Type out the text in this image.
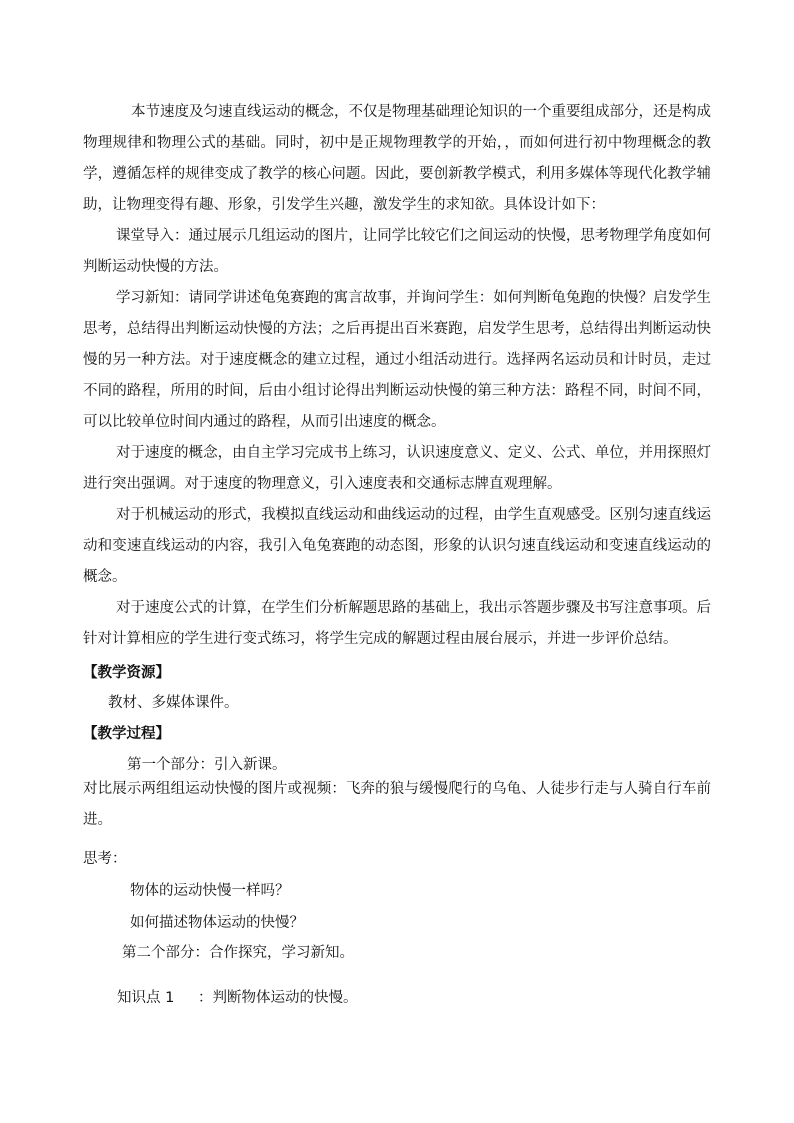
本节速度及匀速直线运动的概念，不仅是物理基础理论知识的一个重要组成部分，还是构成物理规律和物理公式的基础。同时，初中是正规物理教学的开始，，而如何进行初中物理概念的教学，遵循怎样的规律变成了教学的核心问题。因此，要创新教学模式，利用多媒体等现代化教学辅助，让物理变得有趣、形象，引发学生兴趣，激发学生的求知欲。具体设计如下：

课堂导入：通过展示几组运动的图片，让同学比较它们之间运动的快慢，思考物理学角度如何判断运动快慢的方法。

学习新知：请同学讲述龟兔赛跑的寓言故事，并询问学生：如何判断龟兔跑的快慢？启发学生思考，总结得出判断运动快慢的方法；之后再提出百米赛跑，启发学生思考，总结得出判断运动快慢的另一种方法。对于速度概念的建立过程，通过小组活动进行。选择两名运动员和计时员，走过不同的路程，所用的时间，后由小组讨论得出判断运动快慢的第三种方法：路程不同，时间不同，可以比较单位时间内通过的路程，从而引出速度的概念。

对于速度的概念，由自主学习完成书上练习，认识速度意义、定义、公式、单位，并用探照灯进行突出强调。对于速度的物理意义，引入速度表和交通标志牌直观理解。

对于机械运动的形式，我模拟直线运动和曲线运动的过程，由学生直观感受。区别匀速直线运动和变速直线运动的内容，我引入龟兔赛跑的动态图，形象的认识匀速直线运动和变速直线运动的概念。

对于速度公式的计算，在学生们分析解题思路的基础上，我出示答题步骤及书写注意事项。后针对计算相应的学生进行变式练习，将学生完成的解题过程由展台展示，并进一步评价总结。

【教学资源】

教材、多媒体课件。

【教学过程】

第一个部分：引入新课。

对比展示两组组运动快慢的图片或视频：飞奔的狼与缓慢爬行的乌龟、人徒步行走与人骑自行车前进。

思考：

物体的运动快慢一样吗？

如何描述物体运动的快慢？

第二个部分：合作探究，学习新知。

知识点 1 ：判断物体运动的快慢。
